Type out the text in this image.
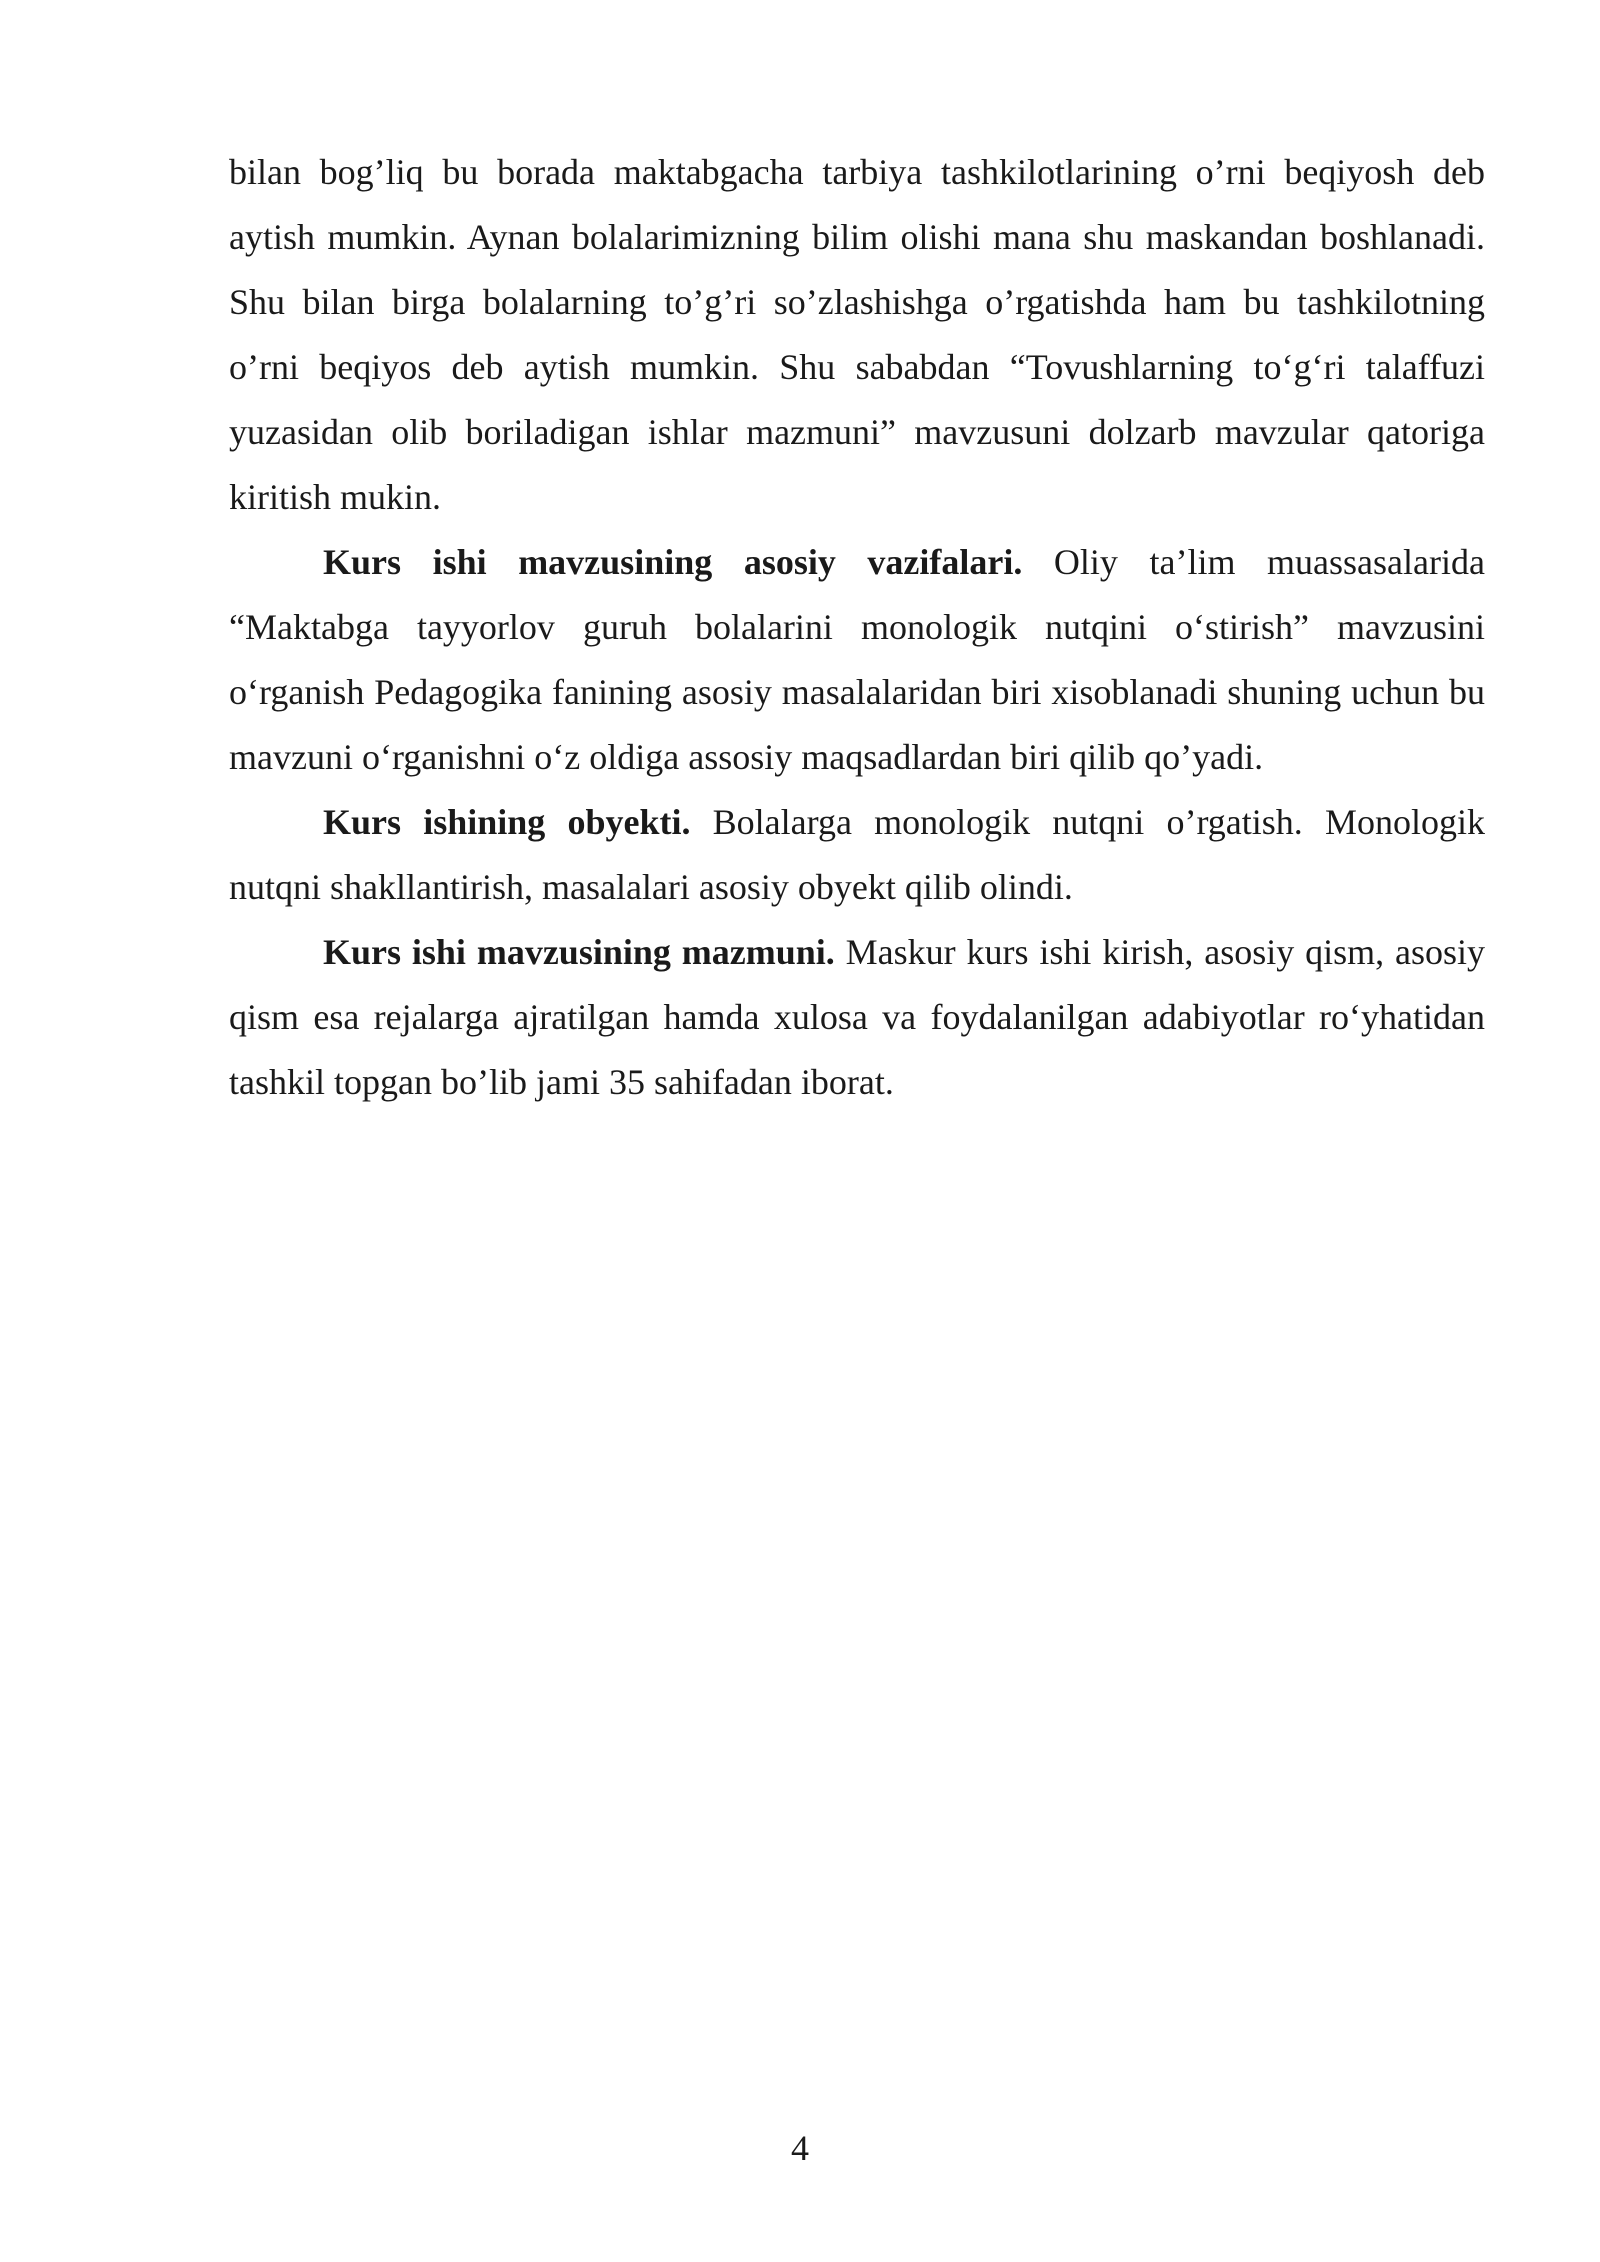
bilan bog’liq bu borada maktabgacha tarbiya tashkilotlarining o’rni beqiyosh deb aytish mumkin. Aynan bolalarimizning bilim olishi mana shu maskandan boshlanadi. Shu bilan birga bolalarning to’g’ri so’zlashishga o’rgatishda ham bu tashkilotning o’rni beqiyos deb aytish mumkin. Shu sababdan “Tovushlarning to‘g‘ri talaffuzi yuzasidan olib boriladigan ishlar mazmuni” mavzusuni dolzarb mavzular qatoriga kiritish mukin.

Kurs ishi mavzusining asosiy vazifalari. Oliy ta’lim muassasalarida “Maktabga tayyorlov guruh bolalarini monologik nutqini o‘stirish” mavzusini o‘rganish Pedagogika fanining asosiy masalalaridan biri xisoblanadi shuning uchun bu mavzuni o‘rganishni o‘z oldiga assosiy maqsadlardan biri qilib qo’yadi.

Kurs ishining obyekti. Bolalarga monologik nutqni o’rgatish. Monologik nutqni shakllantirish, masalalari asosiy obyekt qilib olindi.

Kurs ishi mavzusining mazmuni. Maskur kurs ishi kirish, asosiy qism, asosiy qism esa rejalarga ajratilgan hamda xulosa va foydalanilgan adabiyotlar ro‘yhatidan tashkil topgan bo’lib jami 35 sahifadan iborat.

4
